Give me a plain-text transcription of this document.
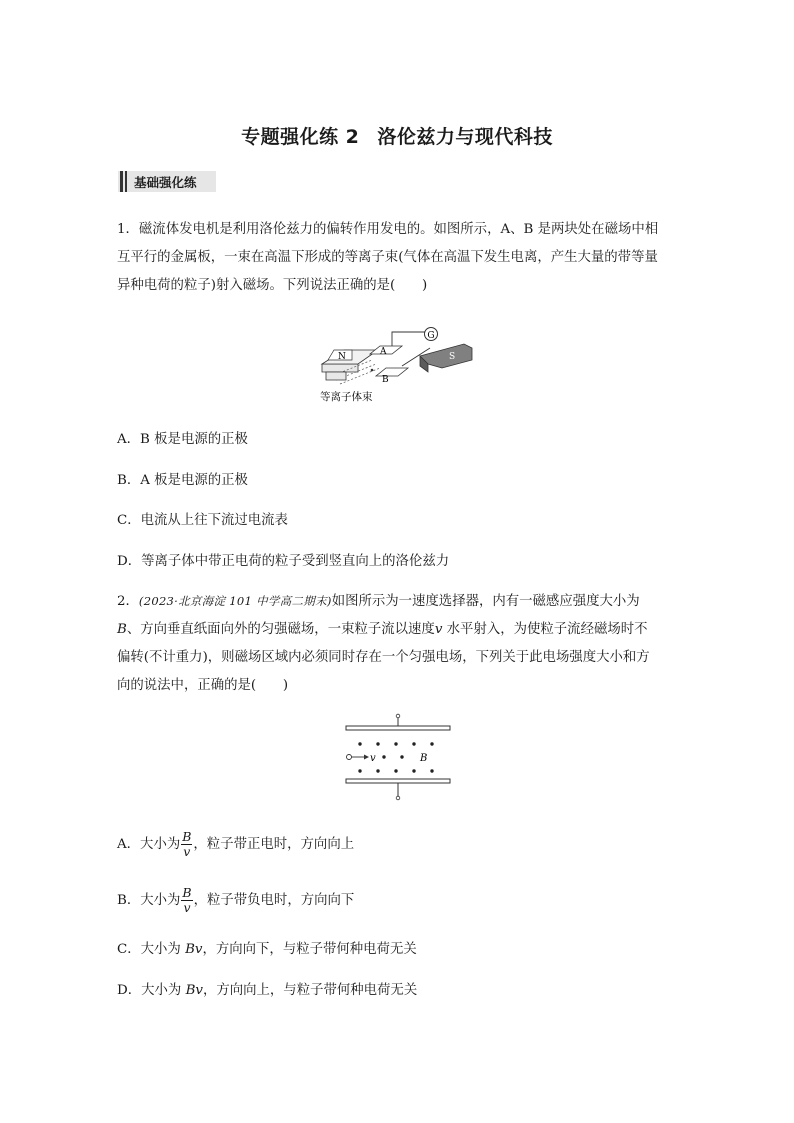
专题强化练 2 洛伦兹力与现代科技
基础强化练
1．磁流体发电机是利用洛伦兹力的偏转作用发电的。如图所示，A、B 是两块处在磁场中相
互平行的金属板，一束在高温下形成的等离子束(气体在高温下发生电离，产生大量的带等量
异种电荷的粒子)射入磁场。下列说法正确的是(　　)
G
N	A
B
S
等离子体束
A．B 板是电源的正极
B．A 板是电源的正极
C．电流从上往下流过电流表
D．等离子体中带正电荷的粒子受到竖直向上的洛伦兹力
2．(2023·北京海淀 101 中学高二期末)如图所示为一速度选择器，内有一磁感应强度大小为
B、方向垂直纸面向外的匀强磁场，一束粒子流以速度v 水平射入，为使粒子流经磁场时不
偏转(不计重力)，则磁场区域内必须同时存在一个匀强电场，下列关于此电场强度大小和方
向的说法中，正确的是(　　)
v	B
A．大小为 $\frac{B}{v}$ ，粒子带正电时，方向向上
B．大小为 $\frac{B}{v}$ ，粒子带负电时，方向向下
C．大小为 Bv，方向向下，与粒子带何种电荷无关
D．大小为 Bv，方向向上，与粒子带何种电荷无关
